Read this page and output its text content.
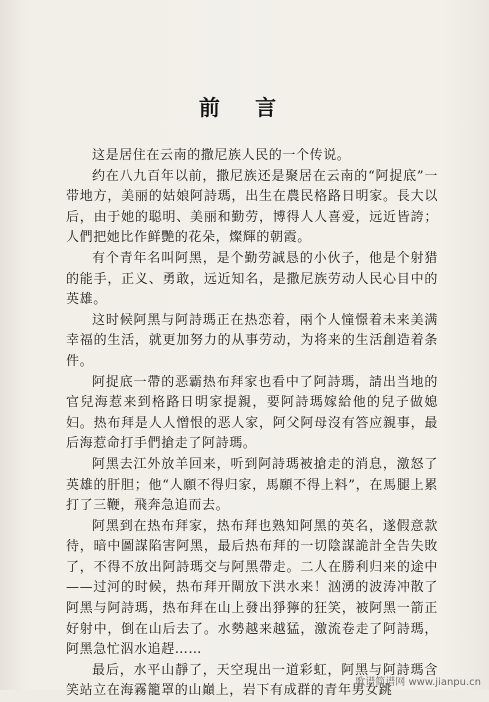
前 言

这是居住在云南的撒尼族人民的一个传说。

约在八九百年以前，撒尼族还是聚居在云南的“阿捉底”一带地方，美丽的姑娘阿詩瑪，出生在農民格路日明家。長大以后，由于她的聪明、美丽和勤劳，博得人人喜爱，远近皆誇；人們把她比作鲜艷的花朵，燦輝的朝霞。

有个青年名叫阿黑，是个勤劳誠恳的小伙子，他是个射猎的能手，正义、勇敢，远近知名，是撒尼族劳动人民心目中的英雄。

这时候阿黑与阿詩瑪正在热恋着，兩个人憧憬着未来美满幸福的生活，就更加努力的从事劳动，为将来的生活創造着条件。

阿捉底一帶的恶霸热布拜家也看中了阿詩瑪，請出当地的官兒海惹来到格路日明家提親，要阿詩瑪嫁給他的兒子做媳妇。热布拜是人人憎恨的恶人家，阿父阿母沒有答应親事，最后海惹命打手們搶走了阿詩瑪。

阿黑去江外放羊回来，听到阿詩瑪被搶走的消息，激怒了英雄的肝胆；他“人願不得归家，馬願不得上料”，在馬腿上累打了三鞭，飛奔急追而去。

阿黑到在热布拜家，热布拜也熟知阿黑的英名，遂假意款待，暗中圖謀陷害阿黑，最后热布拜的一切陰謀詭計全告失敗了，不得不放出阿詩瑪交与阿黑帶走。二人在勝利归来的途中——过河的时候，热布拜开閘放下洪水来！汹湧的波涛冲散了阿黑与阿詩瑪，热布拜在山上發出猙獰的狂笑，被阿黑一箭正好射中，倒在山后去了。水勢越来越猛，激流卷走了阿詩瑪，阿黑急忙泅水追趕……

最后，水平山靜了，天空現出一道彩虹，阿黑与阿詩瑪含笑站立在海霧籠罩的山巔上，岩下有成群的青年男女跳

歌谱简谱网 www.jianpu.cn
